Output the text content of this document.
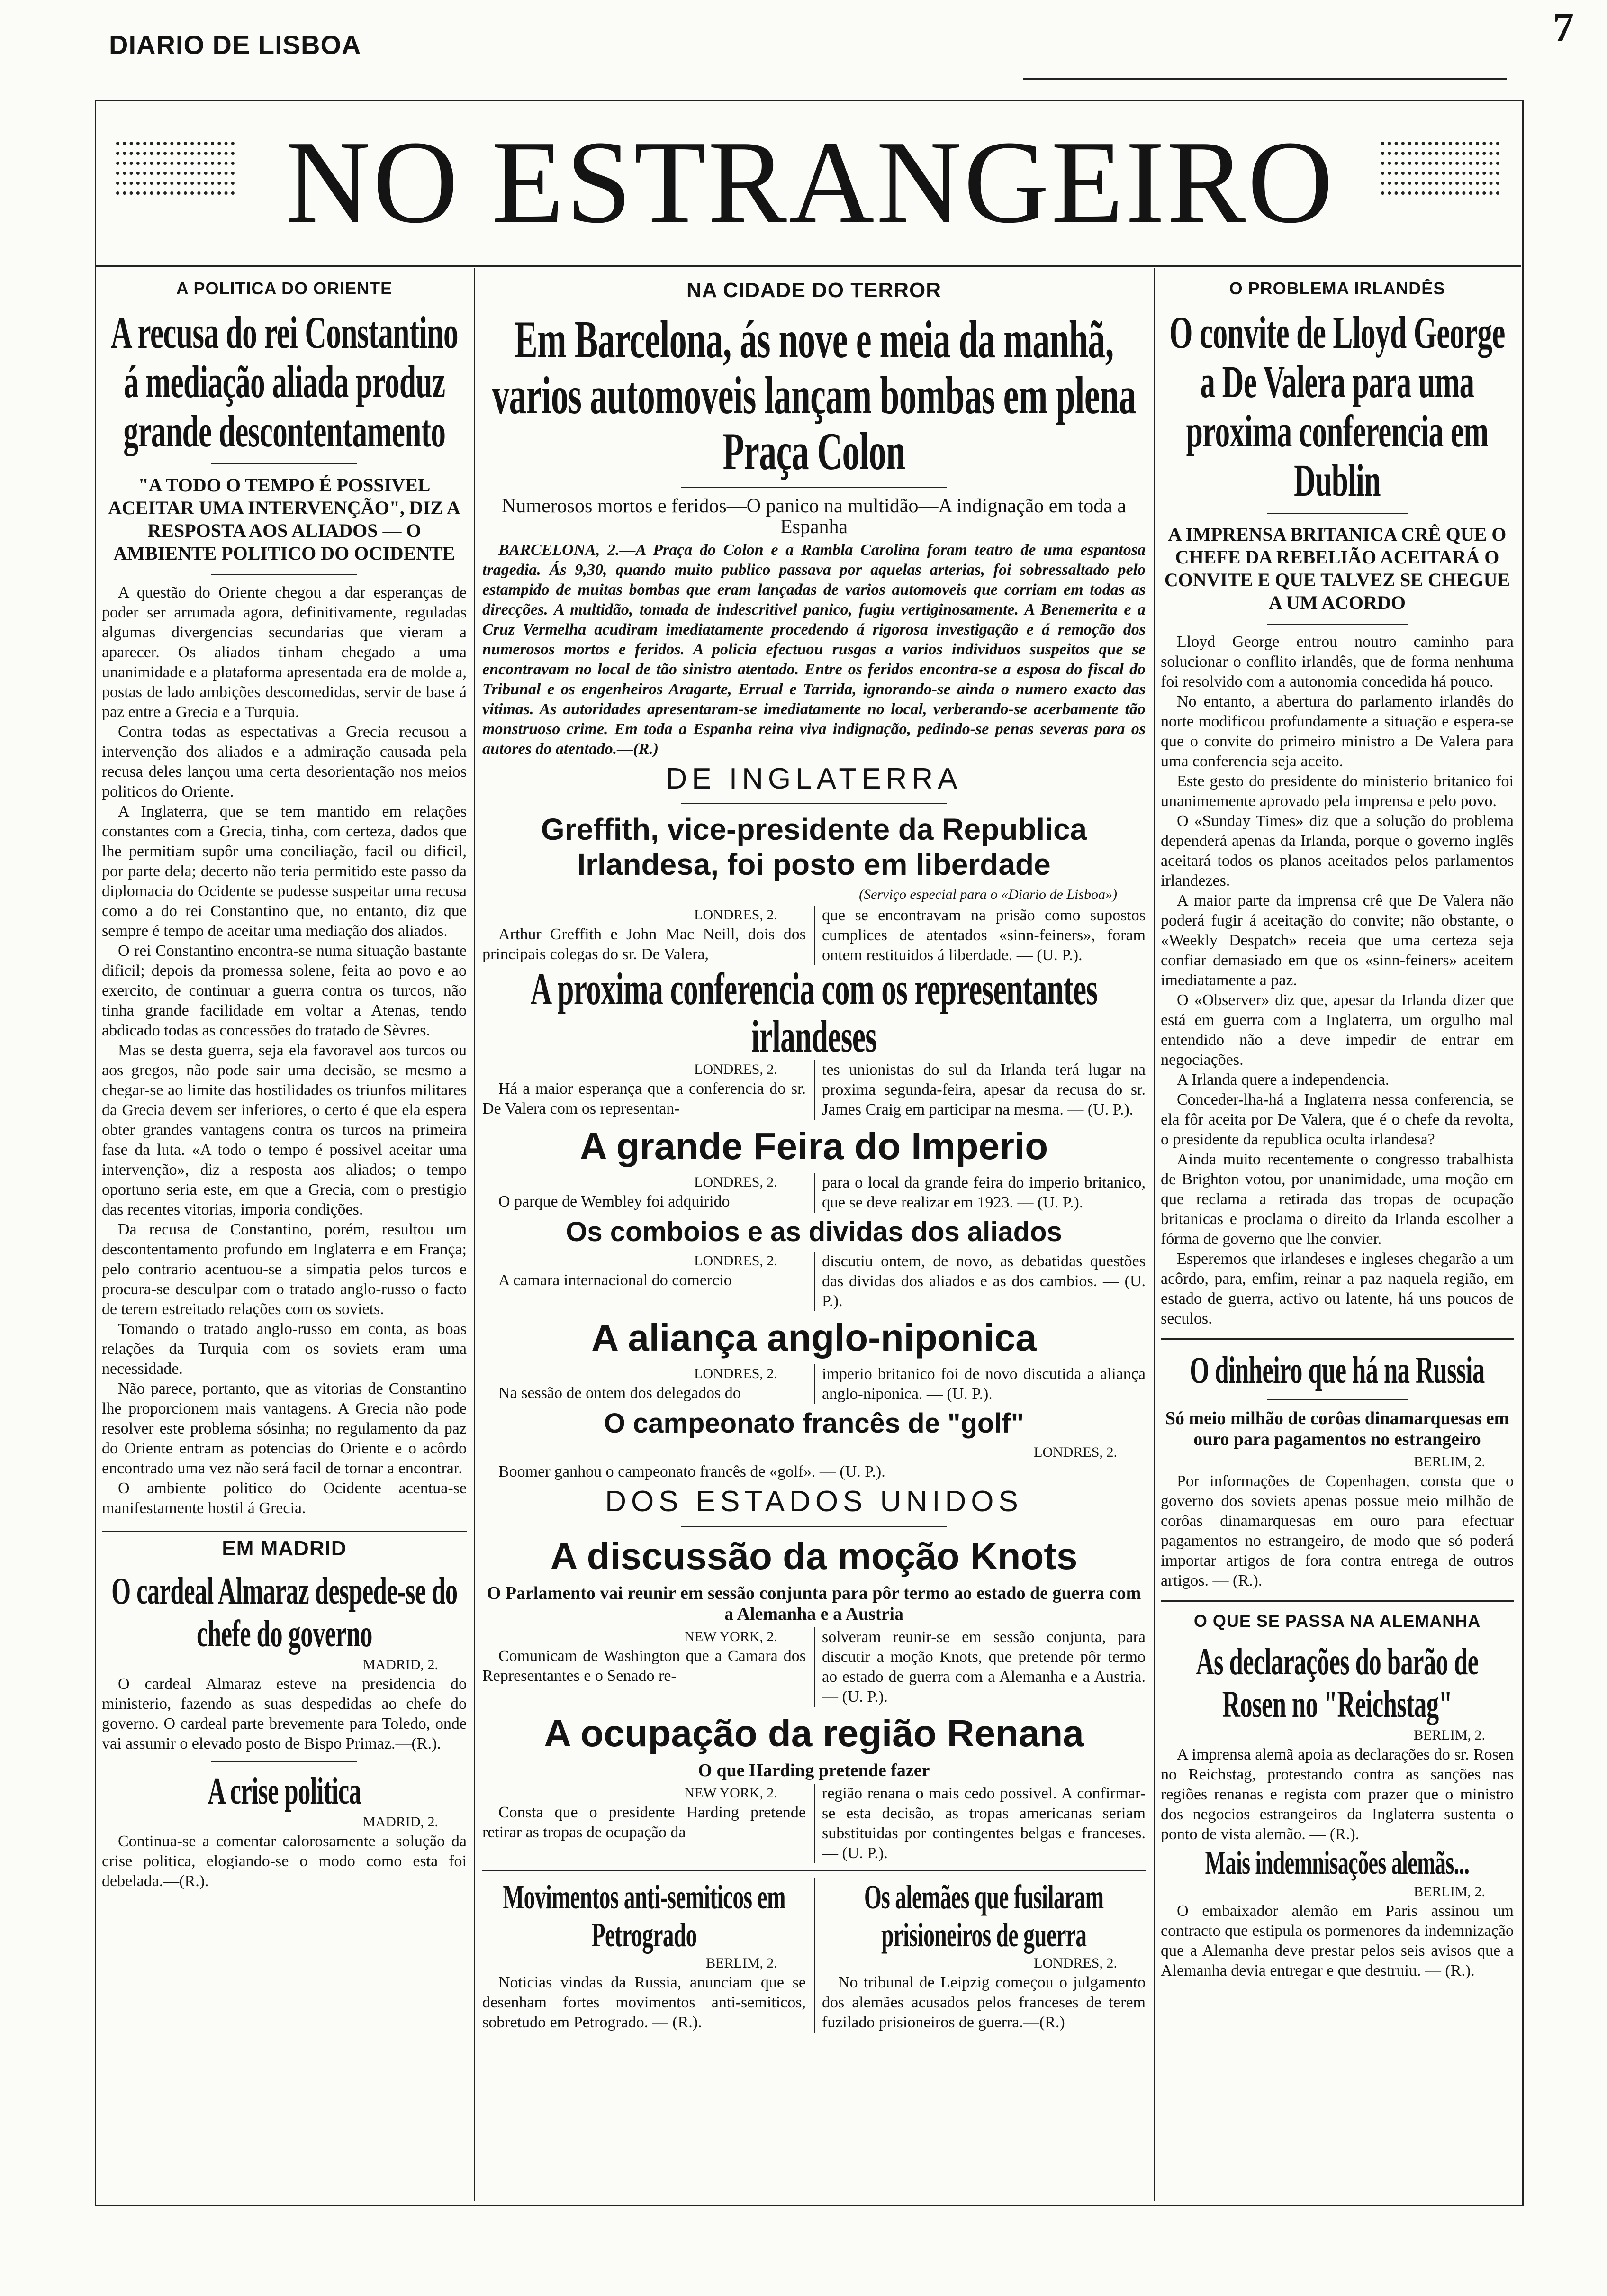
DIARIO DE LISBOA	7
NO ESTRANGEIRO
A POLITICA DO ORIENTE
A recusa do rei Constantino á mediação aliada produz grande descontentamento
"A TODO O TEMPO É POSSIVEL ACEITAR UMA INTERVENÇÃO", DIZ A RESPOSTA AOS ALIADOS — O AMBIENTE POLITICO DO OCIDENTE

A questão do Oriente chegou a dar esperanças de poder ser arrumada agora, definitivamente, reguladas algumas divergencias secundarias que vieram a aparecer. Os aliados tinham chegado a uma unanimidade e a plataforma apresentada era de molde a, postas de lado ambições descomedidas, servir de base á paz entre a Grecia e a Turquia.

Contra todas as espectativas a Grecia recusou a intervenção dos aliados e a admiração causada pela recusa deles lançou uma certa desorientação nos meios politicos do Oriente.

A Inglaterra, que se tem mantido em relações constantes com a Grecia, tinha, com certeza, dados que lhe permitiam supôr uma conciliação, facil ou dificil, por parte dela; decerto não teria permitido este passo da diplomacia do Ocidente se pudesse suspeitar uma recusa como a do rei Constantino que, no entanto, diz que sempre é tempo de aceitar uma mediação dos aliados.

O rei Constantino encontra-se numa situação bastante dificil; depois da promessa solene, feita ao povo e ao exercito, de continuar a guerra contra os turcos, não tinha grande facilidade em voltar a Atenas, tendo abdicado todas as concessões do tratado de Sèvres.

Mas se desta guerra, seja ela favoravel aos turcos ou aos gregos, não pode sair uma decisão, se mesmo a chegar-se ao limite das hostilidades os triunfos militares da Grecia devem ser inferiores, o certo é que ela espera obter grandes vantagens contra os turcos na primeira fase da luta. «A todo o tempo é possivel aceitar uma intervenção», diz a resposta aos aliados; o tempo oportuno seria este, em que a Grecia, com o prestigio das recentes vitorias, imporia condições.

Da recusa de Constantino, porém, resultou um descontentamento profundo em Inglaterra e em França; pelo contrario acentuou-se a simpatia pelos turcos e procura-se desculpar com o tratado anglo-russo o facto de terem estreitado relações com os soviets.

Tomando o tratado anglo-russo em conta, as boas relações da Turquia com os soviets eram uma necessidade.

Não parece, portanto, que as vitorias de Constantino lhe proporcionem mais vantagens. A Grecia não pode resolver este problema sósinha; no regulamento da paz do Oriente entram as potencias do Oriente e o acôrdo encontrado uma vez não será facil de tornar a encontrar.

O ambiente politico do Ocidente acentua-se manifestamente hostil á Grecia.

EM MADRID
O cardeal Almaraz despede-se do chefe do governo
MADRID, 2.

O cardeal Almaraz esteve na presidencia do ministerio, fazendo as suas despedidas ao chefe do governo. O cardeal parte brevemente para Toledo, onde vai assumir o elevado posto de Bispo Primaz.—(R.).

A crise politica
MADRID, 2.

Continua-se a comentar calorosamente a solução da crise politica, elogiando-se o modo como esta foi debelada.—(R.).

NA CIDADE DO TERROR
Em Barcelona, ás nove e meia da manhã, varios automoveis lançam bombas em plena Praça Colon
Numerosos mortos e feridos—O panico na multidão—A indignação em toda a Espanha

BARCELONA, 2.—A Praça do Colon e a Rambla Carolina foram teatro de uma espantosa tragedia. Ás 9,30, quando muito publico passava por aquelas arterias, foi sobressaltado pelo estampido de muitas bombas que eram lançadas de varios automoveis que corriam em todas as direcções. A multidão, tomada de indescritivel panico, fugiu vertiginosamente. A Benemerita e a Cruz Vermelha acudiram imediatamente procedendo á rigorosa investigação e á remoção dos numerosos mortos e feridos. A policia efectuou rusgas a varios individuos suspeitos que se encontravam no local de tão sinistro atentado. Entre os feridos encontra-se a esposa do fiscal do Tribunal e os engenheiros Aragarte, Errual e Tarrida, ignorando-se ainda o numero exacto das vitimas. As autoridades apresentaram-se imediatamente no local, verberando-se acerbamente tão monstruoso crime. Em toda a Espanha reina viva indignação, pedindo-se penas severas para os autores do atentado.—(R.)

DE INGLATERRA
Greffith, vice-presidente da Republica Irlandesa, foi posto em liberdade
(Serviço especial para o «Diario de Lisboa»)
LONDRES, 2.

Arthur Greffith e John Mac Neill, dois dos principais colegas do sr. De Valera,

que se encontravam na prisão como supostos cumplices de atentados «sinn-feiners», foram ontem restituidos á liberdade. — (U. P.).

A proxima conferencia com os representantes irlandeses
LONDRES, 2.

Há a maior esperança que a conferencia do sr. De Valera com os representan-

tes unionistas do sul da Irlanda terá lugar na proxima segunda-feira, apesar da recusa do sr. James Craig em participar na mesma. — (U. P.).

A grande Feira do Imperio
LONDRES, 2.

O parque de Wembley foi adquirido

para o local da grande feira do imperio britanico, que se deve realizar em 1923. — (U. P.).

Os comboios e as dividas dos aliados
LONDRES, 2.

A camara internacional do comercio

discutiu ontem, de novo, as debatidas questões das dividas dos aliados e as dos cambios. — (U. P.).

A aliança anglo-niponica
LONDRES, 2.

Na sessão de ontem dos delegados do

imperio britanico foi de novo discutida a aliança anglo-niponica. — (U. P.).

O campeonato francês de "golf"
LONDRES, 2.

Boomer ganhou o campeonato francês de «golf». — (U. P.).

DOS ESTADOS UNIDOS
A discussão da moção Knots
O Parlamento vai reunir em sessão conjunta para pôr termo ao estado de guerra com a Alemanha e a Austria
NEW YORK, 2.

Comunicam de Washington que a Camara dos Representantes e o Senado re-

solveram reunir-se em sessão conjunta, para discutir a moção Knots, que pretende pôr termo ao estado de guerra com a Alemanha e a Austria. — (U. P.).

A ocupação da região Renana
O que Harding pretende fazer
NEW YORK, 2.

Consta que o presidente Harding pretende retirar as tropas de ocupação da

região renana o mais cedo possivel. A confirmar-se esta decisão, as tropas americanas seriam substituidas por contingentes belgas e franceses. — (U. P.).

Movimentos anti-semiticos em Petrogrado
BERLIM, 2.

Noticias vindas da Russia, anunciam que se desenham fortes movimentos anti-semiticos, sobretudo em Petrogrado. — (R.).

Os alemães que fusilaram prisioneiros de guerra
LONDRES, 2.

No tribunal de Leipzig começou o julgamento dos alemães acusados pelos franceses de terem fuzilado prisioneiros de guerra.—(R.)

O PROBLEMA IRLANDÊS
O convite de Lloyd George a De Valera para uma proxima conferencia em Dublin
A IMPRENSA BRITANICA CRÊ QUE O CHEFE DA REBELIÃO ACEITARÁ O CONVITE E QUE TALVEZ SE CHEGUE A UM ACORDO

Lloyd George entrou noutro caminho para solucionar o conflito irlandês, que de forma nenhuma foi resolvido com a autonomia concedida há pouco.

No entanto, a abertura do parlamento irlandês do norte modificou profundamente a situação e espera-se que o convite do primeiro ministro a De Valera para uma conferencia seja aceito.

Este gesto do presidente do ministerio britanico foi unanimemente aprovado pela imprensa e pelo povo.

O «Sunday Times» diz que a solução do problema dependerá apenas da Irlanda, porque o governo inglês aceitará todos os planos aceitados pelos parlamentos irlandezes.

A maior parte da imprensa crê que De Valera não poderá fugir á aceitação do convite; não obstante, o «Weekly Despatch» receia que uma certeza seja confiar demasiado em que os «sinn-feiners» aceitem imediatamente a paz.

O «Observer» diz que, apesar da Irlanda dizer que está em guerra com a Inglaterra, um orgulho mal entendido não a deve impedir de entrar em negociações.

A Irlanda quere a independencia.

Conceder-lha-há a Inglaterra nessa conferencia, se ela fôr aceita por De Valera, que é o chefe da revolta, o presidente da republica oculta irlandesa?

Ainda muito recentemente o congresso trabalhista de Brighton votou, por unanimidade, uma moção em que reclama a retirada das tropas de ocupação britanicas e proclama o direito da Irlanda escolher a fórma de governo que lhe convier.

Esperemos que irlandeses e ingleses chegarão a um acôrdo, para, emfim, reinar a paz naquela região, em estado de guerra, activo ou latente, há uns poucos de seculos.

O dinheiro que há na Russia
Só meio milhão de corôas dinamarquesas em ouro para pagamentos no estrangeiro
BERLIM, 2.

Por informações de Copenhagen, consta que o governo dos soviets apenas possue meio milhão de corôas dinamarquesas em ouro para efectuar pagamentos no estrangeiro, de modo que só poderá importar artigos de fora contra entrega de outros artigos. — (R.).

O QUE SE PASSA NA ALEMANHA
As declarações do barão de Rosen no "Reichstag"
BERLIM, 2.

A imprensa alemã apoia as declarações do sr. Rosen no Reichstag, protestando contra as sanções nas regiões renanas e regista com prazer que o ministro dos negocios estrangeiros da Inglaterra sustenta o ponto de vista alemão. — (R.).

Mais indemnisações alemãs...
BERLIM, 2.

O embaixador alemão em Paris assinou um contracto que estipula os pormenores da indemnização que a Alemanha deve prestar pelos seis avisos que a Alemanha devia entregar e que destruiu. — (R.).
